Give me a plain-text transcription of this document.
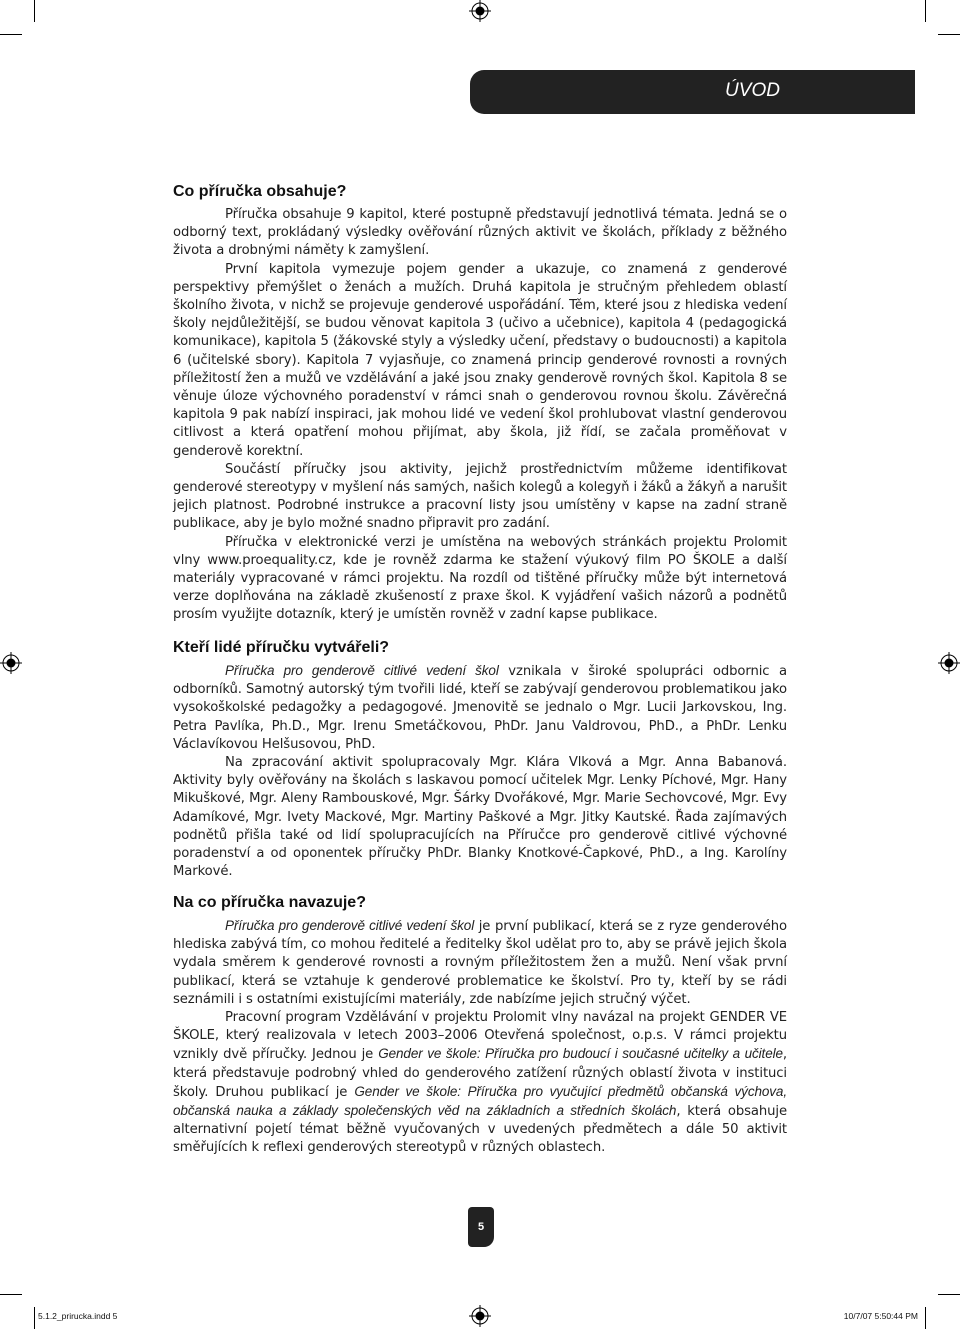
ÚVOD
Co příručka obsahuje?

Příručka obsahuje 9 kapitol, které postupně představují jednotlivá témata. Jedná se o odborný text, prokládaný výsledky ověřování různých aktivit ve školách, příklady z běžného života a drobnými náměty k zamyšlení.

První kapitola vymezuje pojem gender a ukazuje, co znamená z genderové perspektivy přemýšlet o ženách a mužích. Druhá kapitola je stručným přehledem oblastí školního života, v nichž se projevuje genderové uspořádání. Těm, které jsou z hlediska vedení školy nejdůležitější, se budou věnovat kapitola 3 (učivo a učebnice), kapitola 4 (pedagogická komunikace), kapitola 5 (žákovské styly a výsledky učení, představy o budoucnosti) a kapitola 6 (učitelské sbory). Kapitola 7 vyjasňuje, co znamená princip genderové rovnosti a rovných příležitostí žen a mužů ve vzdělávání a jaké jsou znaky genderově rovných škol. Kapitola 8 se věnuje úloze výchovného poradenství v rámci snah o genderovou rovnou školu. Závěrečná kapitola 9 pak nabízí inspiraci, jak mohou lidé ve vedení škol prohlubovat vlastní genderovou citlivost a která opatření mohou přijímat, aby škola, již řídí, se začala proměňovat v genderově korektní.

Součástí příručky jsou aktivity, jejichž prostřednictvím můžeme identifikovat genderové stereotypy v myšlení nás samých, našich kolegů a kolegyň i žáků a žákyň a narušit jejich platnost. Podrobné instrukce a pracovní listy jsou umístěny v kapse na zadní straně publikace, aby je bylo možné snadno připravit pro zadání.

Příručka v elektronické verzi je umístěna na webových stránkách projektu Prolomit vlny www.proequality.cz, kde je rovněž zdarma ke stažení výukový film PO ŠKOLE a další materiály vypracované v rámci projektu. Na rozdíl od tištěné příručky může být internetová verze doplňována na základě zkušeností z praxe škol. K vyjádření vašich názorů a podnětů prosím využijte dotazník, který je umístěn rovněž v zadní kapse publikace.

Kteří lidé příručku vytvářeli?

Příručka pro genderově citlivé vedení škol vznikala v široké spolupráci odbornic a odborníků. Samotný autorský tým tvořili lidé, kteří se zabývají genderovou problematikou jako vysokoškolské pedagožky a pedagogové. Jmenovitě se jednalo o Mgr. Lucii Jarkovskou, Ing. Petra Pavlíka, Ph.D., Mgr. Irenu Smetáčkovou, PhDr. Janu Valdrovou, PhD., a PhDr. Lenku Václavíkovou Helšusovou, PhD.

Na zpracování aktivit spolupracovaly Mgr. Klára Vlková a Mgr. Anna Babanová. Aktivity byly ověřovány na školách s laskavou pomocí učitelek Mgr. Lenky Píchové, Mgr. Hany Mikuškové, Mgr. Aleny Rambouskové, Mgr. Šárky Dvořákové, Mgr. Marie Sechovcové, Mgr. Evy Adamíkové, Mgr. Ivety Mackové, Mgr. Martiny Paškové a Mgr. Jitky Kautské. Řada zajímavých podnětů přišla také od lidí spolupracujících na Příručce pro genderově citlivé výchovné poradenství a od oponentek příručky PhDr. Blanky Knotkové-Čapkové, PhD., a Ing. Karolíny Markové.

Na co příručka navazuje?

Příručka pro genderově citlivé vedení škol je první publikací, která se z ryze genderového hlediska zabývá tím, co mohou ředitelé a ředitelky škol udělat pro to, aby se právě jejich škola vydala směrem k genderové rovnosti a rovným příležitostem žen a mužů. Není však první publikací, která se vztahuje k genderové problematice ke školství. Pro ty, kteří by se rádi seznámili i s ostatními existujícími materiály, zde nabízíme jejich stručný výčet.

Pracovní program Vzdělávání v projektu Prolomit vlny navázal na projekt GENDER VE ŠKOLE, který realizovala v letech 2003–2006 Otevřená společnost, o.p.s. V rámci projektu vznikly dvě příručky. Jednou je Gender ve škole: Příručka pro budoucí i současné učitelky a učitele, která představuje podrobný vhled do genderového zatížení různých oblastí života v instituci školy. Druhou publikací je Gender ve škole: Příručka pro vyučující předmětů občanská výchova, občanská nauka a základy společenských věd na základních a středních školách, která obsahuje alternativní pojetí témat běžně vyučovaných v uvedených předmětech a dále 50 aktivit směřujících k reflexi genderových stereotypů v různých oblastech.

5
5.1.2_prirucka.indd 5	10/7/07 5:50:44 PM
